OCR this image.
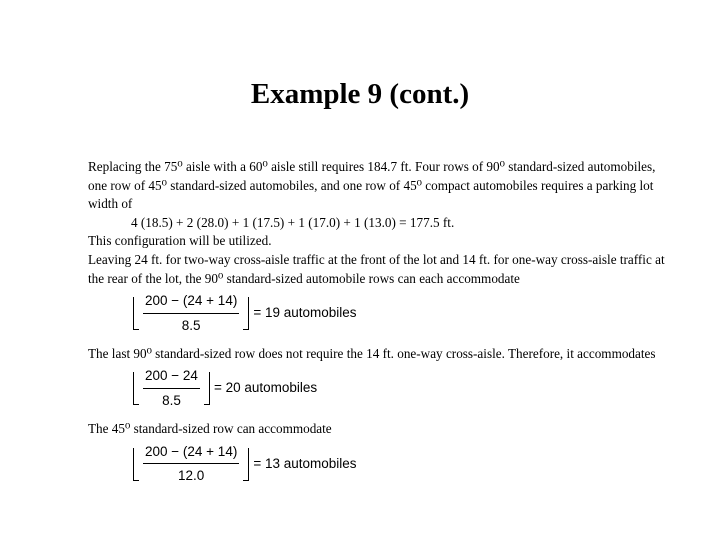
Example 9 (cont.)

Replacing the 75⁰ aisle with a 60⁰ aisle still requires 184.7 ft. Four rows of 90⁰ standard-sized automobiles, one row of 45⁰ standard-sized automobiles, and one row of 45⁰ compact automobiles requires a parking lot width of

4 (18.5) + 2 (28.0) + 1 (17.5) + 1 (17.0) + 1 (13.0) = 177.5 ft.

This configuration will be utilized.

Leaving 24 ft. for two-way cross-aisle traffic at the front of the lot and 14 ft. for one-way cross-aisle traffic at the rear of the lot, the 90⁰ standard-sized automobile rows can each accommodate

$\frac{200 - (24 + 14)}{8.5} = 19$ automobiles

The last 90⁰ standard-sized row does not require the 14 ft. one-way cross-aisle. Therefore, it accommodates

$\frac{200 - 24}{8.5} = 20$ automobiles

The 45⁰ standard-sized row can accommodate

$\frac{200 - (24 + 14)}{12.0} = 13$ automobiles
